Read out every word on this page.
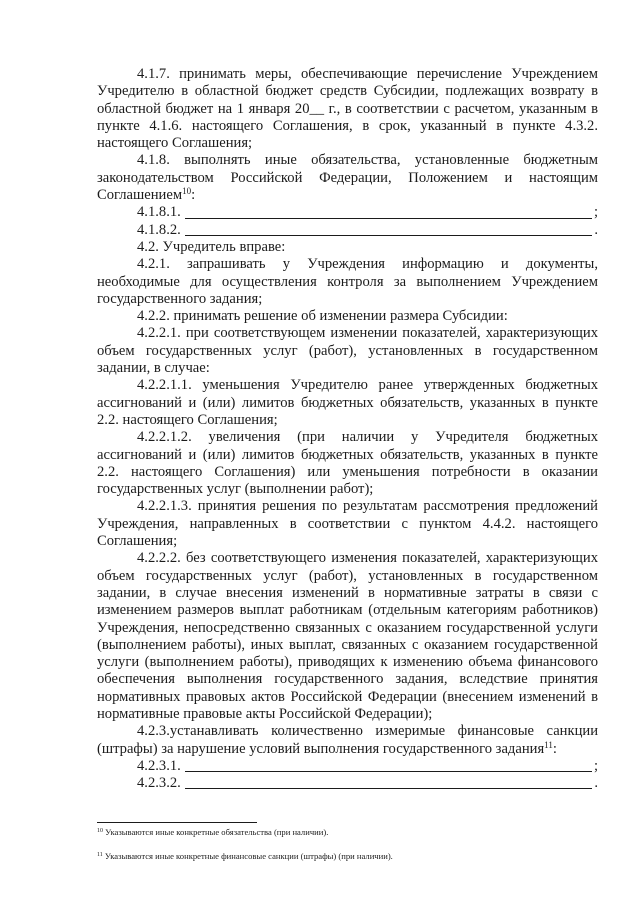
4.1.7. принимать меры, обеспечивающие перечисление Учреждением Учредителю в областной бюджет средств Субсидии, подлежащих возврату в областной бюджет на 1 января 20__ г., в соответствии с расчетом, указанным в пункте 4.1.6. настоящего Соглашения, в срок, указанный в пункте 4.3.2. настоящего Соглашения;

4.1.8. выполнять иные обязательства, установленные бюджетным законодательством Российской Федерации, Положением и настоящим Соглашением$^{10}$:

4.1.8.1.	;
4.1.8.2.	.

4.2. Учредитель вправе:

4.2.1. запрашивать у Учреждения информацию и документы, необходимые для осуществления контроля за выполнением Учреждением государственного задания;

4.2.2. принимать решение об изменении размера Субсидии:

4.2.2.1. при соответствующем изменении показателей, характеризующих объем государственных услуг (работ), установленных в государственном задании, в случае:

4.2.2.1.1. уменьшения Учредителю ранее утвержденных бюджетных ассигнований и (или) лимитов бюджетных обязательств, указанных в пункте 2.2. настоящего Соглашения;

4.2.2.1.2. увеличения (при наличии у Учредителя бюджетных ассигнований и (или) лимитов бюджетных обязательств, указанных в пункте 2.2. настоящего Соглашения) или уменьшения потребности в оказании государственных услуг (выполнении работ);

4.2.2.1.3. принятия решения по результатам рассмотрения предложений Учреждения, направленных в соответствии с пунктом 4.4.2. настоящего Соглашения;

4.2.2.2. без соответствующего изменения показателей, характеризующих объем государственных услуг (работ), установленных в государственном задании, в случае внесения изменений в нормативные затраты в связи с изменением размеров выплат работникам (отдельным категориям работников) Учреждения, непосредственно связанных с оказанием государственной услуги (выполнением работы), иных выплат, связанных с оказанием государственной услуги (выполнением работы), приводящих к изменению объема финансового обеспечения выполнения государственного задания, вследствие принятия нормативных правовых актов Российской Федерации (внесением изменений в нормативные правовые акты Российской Федерации);

4.2.3.устанавливать количественно измеримые финансовые санкции (штрафы) за нарушение условий выполнения государственного задания$^{11}$:

4.2.3.1.	;
4.2.3.2.	.
$^{10}$ Указываются иные конкретные обязательства (при наличии).
$^{11}$ Указываются иные конкретные финансовые санкции (штрафы) (при наличии).
